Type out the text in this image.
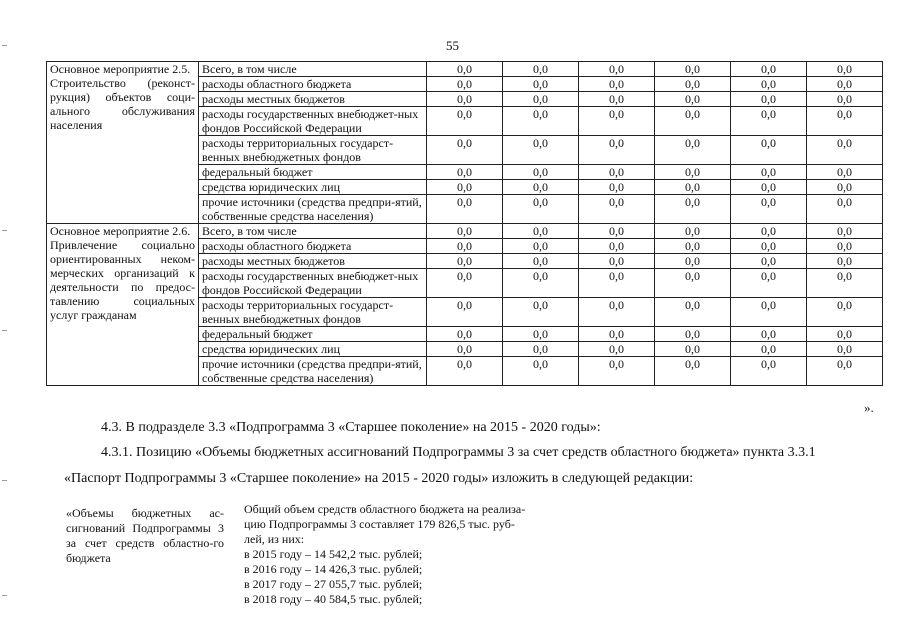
55
Основное мероприятие 2.5.
Строительство (реконст-рукция) объектов соци-ального обслуживания населения	Всего, в том числе	0,0	0,0	0,0	0,0	0,0	0,0
	расходы областного бюджета	0,0	0,0	0,0	0,0	0,0	0,0
	расходы местных бюджетов	0,0	0,0	0,0	0,0	0,0	0,0
	расходы государственных внебюджет-ных фондов Российской Федерации	0,0	0,0	0,0	0,0	0,0	0,0
	расходы территориальных государст-венных внебюджетных фондов	0,0	0,0	0,0	0,0	0,0	0,0
	федеральный бюджет	0,0	0,0	0,0	0,0	0,0	0,0
	средства юридических лиц	0,0	0,0	0,0	0,0	0,0	0,0
	прочие источники (средства предпри-ятий, собственные средства населения)	0,0	0,0	0,0	0,0	0,0	0,0

Основное мероприятие 2.6.
Привлечение социально ориентированных неком-мерческих организаций к деятельности по предос-тавлению социальных услуг гражданам	Всего, в том числе	0,0	0,0	0,0	0,0	0,0	0,0
	расходы областного бюджета	0,0	0,0	0,0	0,0	0,0	0,0
	расходы местных бюджетов	0,0	0,0	0,0	0,0	0,0	0,0
	расходы государственных внебюджет-ных фондов Российской Федерации	0,0	0,0	0,0	0,0	0,0	0,0
	расходы территориальных государст-венных внебюджетных фондов	0,0	0,0	0,0	0,0	0,0	0,0
	федеральный бюджет	0,0	0,0	0,0	0,0	0,0	0,0
	средства юридических лиц	0,0	0,0	0,0	0,0	0,0	0,0
	прочие источники (средства предпри-ятий, собственные средства населения)	0,0	0,0	0,0	0,0	0,0	0,0
».
4.3. В подразделе 3.3 «Подпрограмма 3 «Старшее поколение» на 2015 - 2020 годы»:
4.3.1. Позицию «Объемы бюджетных ассигнований Подпрограммы 3 за счет средств областного бюджета» пункта 3.3.1
«Паспорт Подпрограммы 3 «Старшее поколение» на 2015 - 2020 годы» изложить в следующей редакции:
«Объемы бюджетных ас-сигнований Подпрограммы 3 за счет средств областно-го бюджета
Общий объем средств областного бюджета на реализа-
цию Подпрограммы 3 составляет 179 826,5 тыс. руб-
лей, из них:
в 2015 году – 14 542,2 тыс. рублей;
в 2016 году – 14 426,3 тыс. рублей;
в 2017 году – 27 055,7 тыс. рублей;
в 2018 году – 40 584,5 тыс. рублей;
